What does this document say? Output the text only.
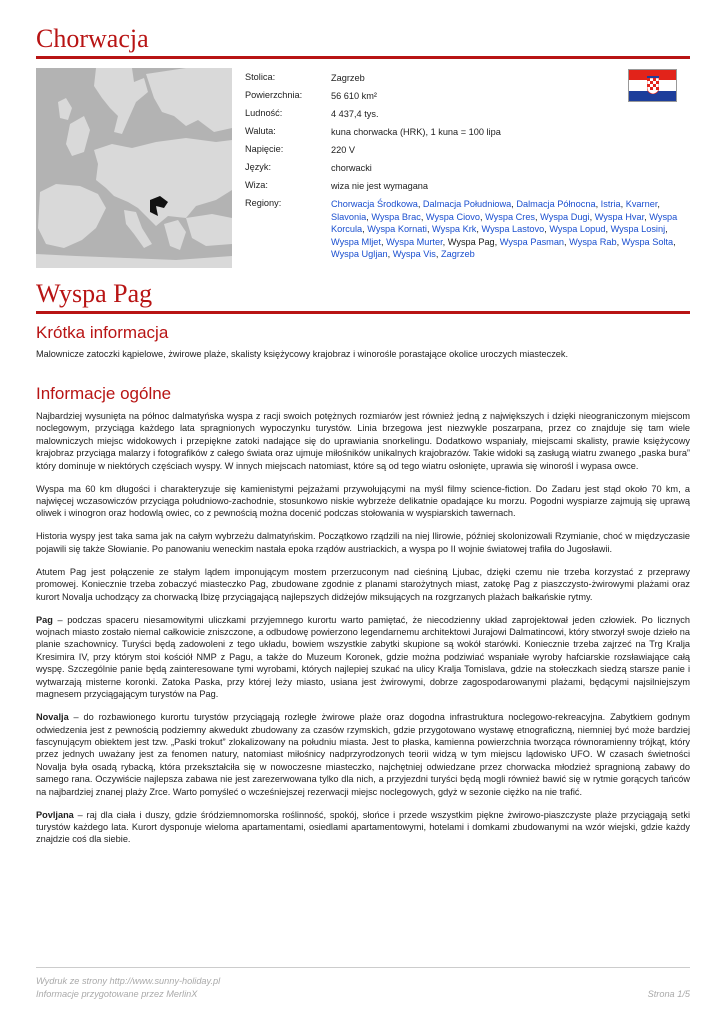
Chorwacja
Stolica:	Zagrzeb
Powierzchnia:	56 610 km²
Ludność:	4 437,4 tys.
Waluta:	kuna chorwacka (HRK), 1 kuna = 100 lipa
Napięcie:	220 V
Język:	chorwacki
Wiza:	wiza nie jest wymagana
Regiony:	Chorwacja Środkowa, Dalmacja Południowa, Dalmacja Północna, Istria, Kvarner, Slavonia, Wyspa Brac, Wyspa Ciovo, Wyspa Cres, Wyspa Dugi, Wyspa Hvar, Wyspa Korcula, Wyspa Kornati, Wyspa Krk, Wyspa Lastovo, Wyspa Lopud, Wyspa Losinj, Wyspa Mljet, Wyspa Murter, Wyspa Pag, Wyspa Pasman, Wyspa Rab, Wyspa Solta, Wyspa Ugljan, Wyspa Vis, Zagrzeb
Wyspa Pag
Krótka informacja

Malownicze zatoczki kąpielowe, żwirowe plaże, skalisty księżycowy krajobraz i winorośle porastające okolice uroczych miasteczek.

Informacje ogólne

Najbardziej wysunięta na północ dalmatyńska wyspa z racji swoich potężnych rozmiarów jest również jedną z największych i dzięki nieograniczonym miejscom noclegowym, przyciąga każdego lata spragnionych wypoczynku turystów. Linia brzegowa jest niezwykle poszarpana, przez co znajduje się tam wiele malowniczych miejsc widokowych i przepiękne zatoki nadające się do uprawiania snorkelingu. Dodatkowo wspaniały, miejscami skalisty, prawie księżycowy krajobraz przyciąga malarzy i fotografików z całego świata oraz ujmuje miłośników unikalnych krajobrazów. Takie widoki są zasługą wiatru zwanego „paska bura” który dominuje w niektórych częściach wyspy. W innych miejscach natomiast, które są od tego wiatru osłonięte, uprawia się winorośl i wypasa owce.

Wyspa ma 60 km długości i charakteryzuje się kamienistymi pejzażami przywołującymi na myśl filmy science-fiction. Do Zadaru jest stąd około 70 km, a najwięcej wczasowiczów przyciąga południowo-zachodnie, stosunkowo niskie wybrzeże delikatnie opadające ku morzu. Pogodni wyspiarze zajmują się uprawą oliwek i winogron oraz hodowlą owiec, co z pewnością można docenić podczas stołowania w wyspiarskich tawernach.

Historia wyspy jest taka sama jak na całym wybrzeżu dalmatyńskim. Początkowo rządzili na niej Ilirowie, później skolonizowali Rzymianie, choć w międzyczasie pojawili się także Słowianie. Po panowaniu weneckim nastała epoka rządów austriackich, a wyspa po II wojnie światowej trafiła do Jugosławii.

Atutem Pag jest połączenie ze stałym lądem imponującym mostem przerzuconym nad cieśniną Ljubac, dzięki czemu nie trzeba korzystać z przeprawy promowej. Koniecznie trzeba zobaczyć miasteczko Pag, zbudowane zgodnie z planami starożytnych miast, zatokę Pag z piaszczysto-żwirowymi plażami oraz kurort Novalja uchodzący za chorwacką Ibizę przyciągającą najlepszych didżejów miksujących na rozgrzanych plażach bałkańskie rytmy.

Pag – podczas spaceru niesamowitymi uliczkami przyjemnego kurortu warto pamiętać, że niecodzienny układ zaprojektował jeden człowiek. Po licznych wojnach miasto zostało niemal całkowicie zniszczone, a odbudowę powierzono legendarnemu architektowi Jurajowi Dalmatincowi, który stworzył swoje dzieło na planie szachownicy. Turyści będą zadowoleni z tego układu, bowiem wszystkie zabytki skupione są wokół starówki. Koniecznie trzeba zajrzeć na Trg Kralja Kresimira IV, przy którym stoi kościół NMP z Pagu, a także do Muzeum Koronek, gdzie można podziwiać wspaniałe wyroby hafciarskie rozsławiające całą wyspę. Szczególnie panie będą zainteresowane tymi wyrobami, których najlepiej szukać na ulicy Kralja Tomislava, gdzie na stołeczkach siedzą starsze panie i wytwarzają misterne koronki. Zatoka Paska, przy której leży miasto, usiana jest żwirowymi, dobrze zagospodarowanymi plażami, będącymi najsilniejszym magnesem przyciągającym turystów na Pag.

Novalja – do rozbawionego kurortu turystów przyciągają rozległe żwirowe plaże oraz dogodna infrastruktura noclegowo-rekreacyjna. Zabytkiem godnym odwiedzenia jest z pewnością podziemny akwedukt zbudowany za czasów rzymskich, gdzie przygotowano wystawę etnograficzną, niemniej być może bardziej fascynującym obiektem jest tzw. „Paski trokut” zlokalizowany na południu miasta. Jest to płaska, kamienna powierzchnia tworząca równoramienny trójkąt, który przez jednych uważany jest za fenomen natury, natomiast miłośnicy nadprzyrodzonych teorii widzą w tym miejscu lądowisko UFO. W czasach świetności Novalja była osadą rybacką, która przekształciła się w nowoczesne miasteczko, najchętniej odwiedzane przez chorwacka młodzież spragnioną zabawy do samego rana. Oczywiście najlepsza zabawa nie jest zarezerwowana tylko dla nich, a przyjezdni turyści będą mogli również bawić się w rytmie gorących tańców na najbardziej znanej plaży Zrce. Warto pomyśleć o wcześniejszej rezerwacji miejsc noclegowych, gdyż w sezonie ciężko na nie trafić.

Povljana – raj dla ciała i duszy, gdzie śródziemnomorska roślinność, spokój, słońce i przede wszystkim piękne żwirowo-piaszczyste plaże przyciągają setki turystów każdego lata. Kurort dysponuje wieloma apartamentami, osiedlami apartamentowymi, hotelami i domkami zbudowanymi na wzór wiejski, gdzie każdy znajdzie coś dla siebie.

Wydruk ze strony http://www.sunny-holiday.pl
Informacje przygotowane przez MerlinX	Strona 1/5
